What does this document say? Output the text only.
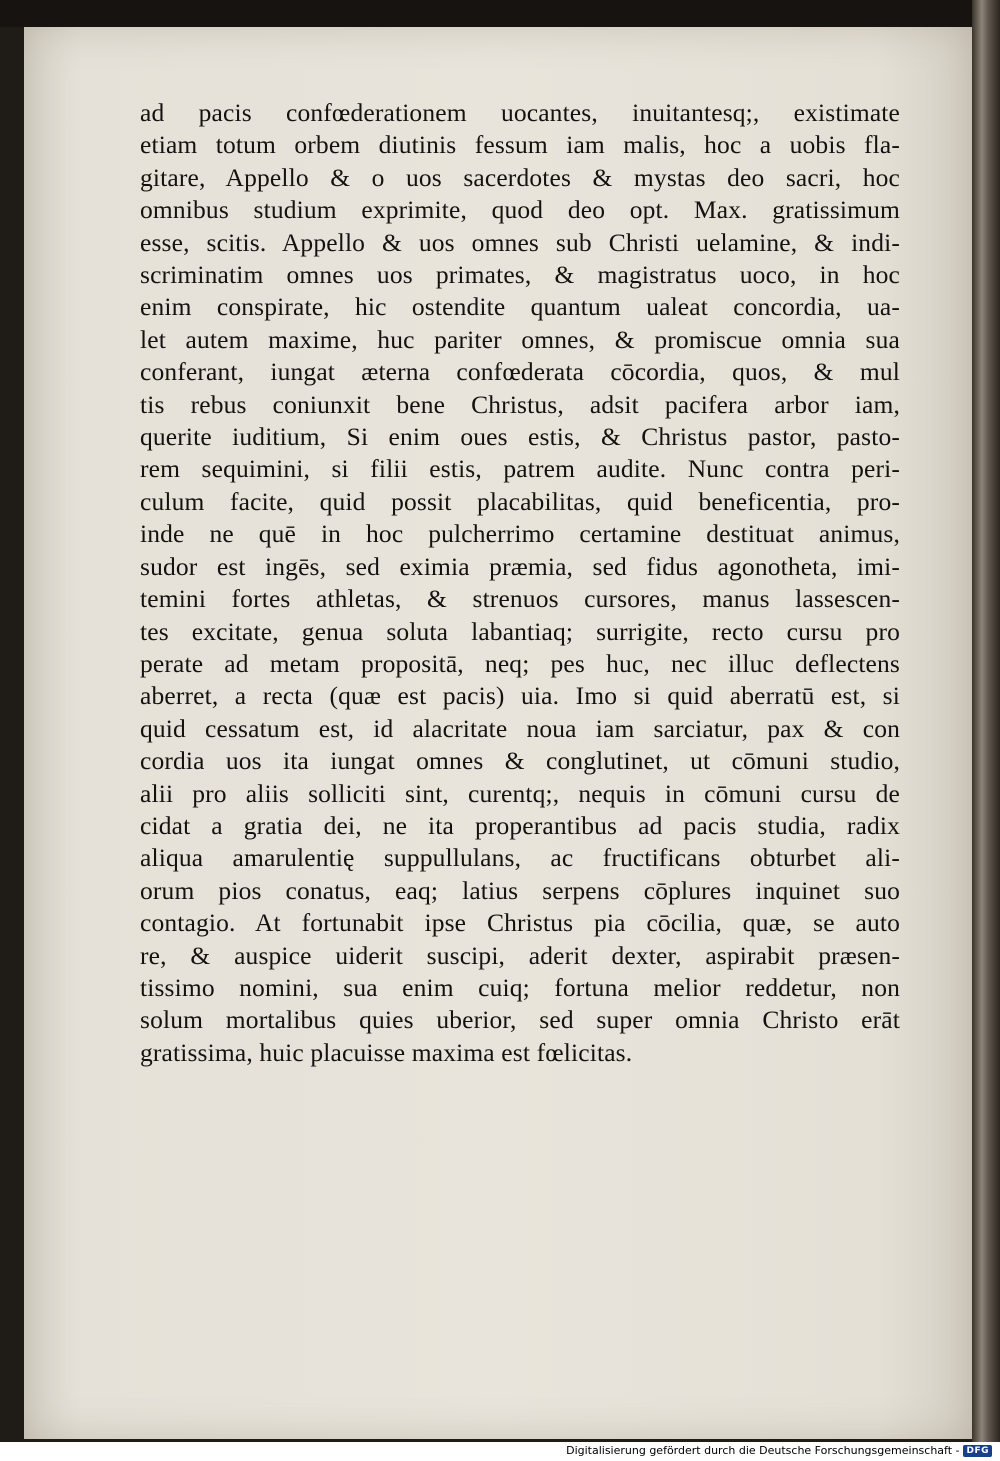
ad pacis confœderationem uocantes, inuitantesq;, existimate
etiam totum orbem diutinis fessum iam malis, hoc a uobis fla-
gitare, Appello & o uos sacerdotes & mystas deo sacri, hoc
omnibus studium exprimite, quod deo opt. Max. gratissimum
esse, scitis. Appello & uos omnes sub Christi uelamine, & indi-
scriminatim omnes uos primates, & magistratus uoco, in hoc
enim conspirate, hic ostendite quantum ualeat concordia, ua-
let autem maxime, huc pariter omnes, & promiscue omnia sua
conferant, iungat æterna confœderata cōcordia, quos, & mul
tis rebus coniunxit bene Christus, adsit pacifera arbor iam,
querite iuditium, Si enim oues estis, & Christus pastor, pasto-
rem sequimini, si filii estis, patrem audite. Nunc contra peri-
culum facite, quid possit placabilitas, quid beneficentia, pro-
inde ne quē in hoc pulcherrimo certamine destituat animus,
sudor est ingēs, sed eximia præmia, sed fidus agonotheta, imi-
temini fortes athletas, & strenuos cursores, manus lassescen-
tes excitate, genua soluta labantiaq; surrigite, recto cursu pro
perate ad metam propositā, neq; pes huc, nec illuc deflectens
aberret, a recta (quæ est pacis) uia. Imo si quid aberratū est, si
quid cessatum est, id alacritate noua iam sarciatur, pax & con
cordia uos ita iungat omnes & conglutinet, ut cōmuni studio,
alii pro aliis solliciti sint, curentq;, nequis in cōmuni cursu de
cidat a gratia dei, ne ita properantibus ad pacis studia, radix
aliqua amarulentię suppullulans, ac fructificans obturbet ali-
orum pios conatus, eaq; latius serpens cōplures inquinet suo
contagio. At fortunabit ipse Christus pia cōcilia, quæ, se auto
re, & auspice uiderit suscipi, aderit dexter, aspirabit præsen-
tissimo nomini, sua enim cuiq; fortuna melior reddetur, non
solum mortalibus quies uberior, sed super omnia Christo erāt
gratissima, huic placuisse maxima est fœlicitas.
Digitalisierung gefördert durch die Deutsche Forschungsgemeinschaft - DFG
